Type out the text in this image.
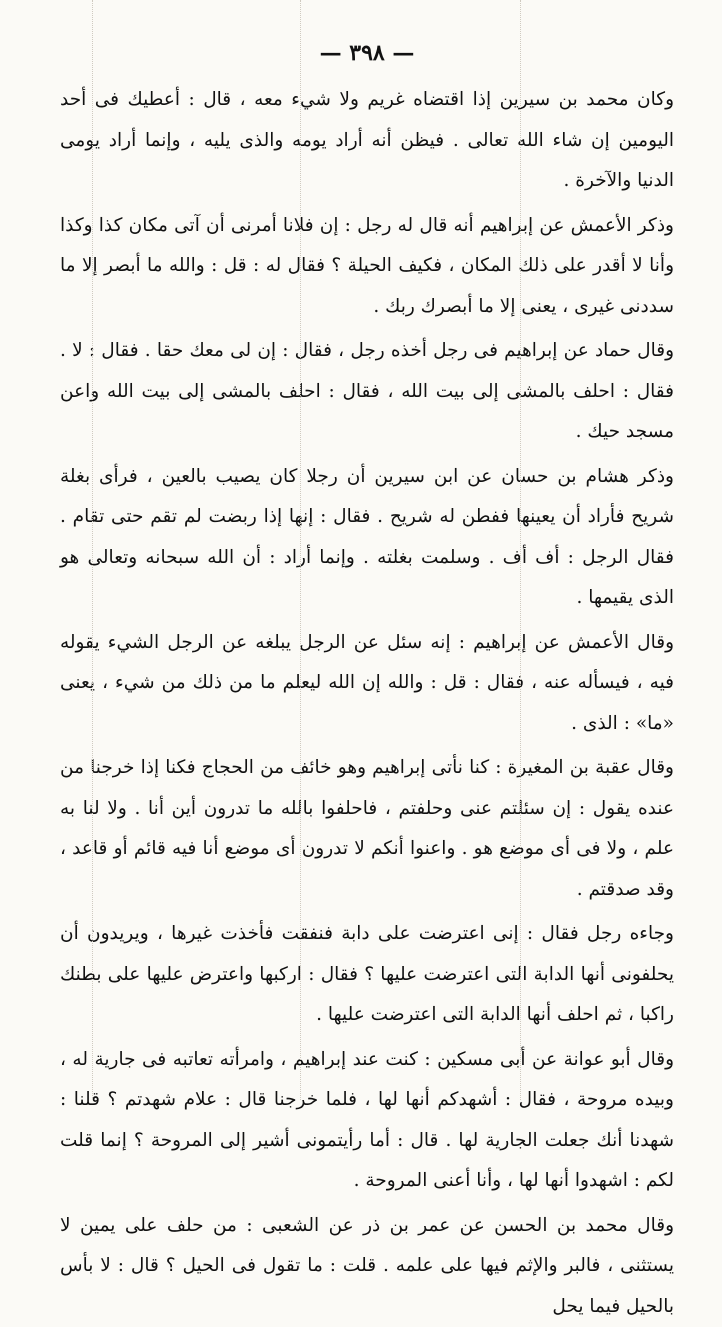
— ٣٩٨ —

وكان محمد بن سيرين إذا اقتضاه غريم ولا شيء معه ، قال : أعطيك فى أحد اليومين إن شاء الله تعالى . فيظن أنه أراد يومه والذى يليه ، وإنما أراد يومى الدنيا والآخرة .

وذكر الأعمش عن إبراهيم أنه قال له رجل : إن فلانا أمرنى أن آتى مكان كذا وكذا وأنا لا أقدر على ذلك المكان ، فكيف الحيلة ؟ فقال له : قل : والله ما أبصر إلا ما سددنى غيرى ، يعنى إلا ما أبصرك ربك .

وقال حماد عن إبراهيم فى رجل أخذه رجل ، فقال : إن لى معك حقا . فقال : لا . فقال : احلف بالمشى إلى بيت الله ، فقال : احلف بالمشى إلى بيت الله واعن مسجد حيك .

وذكر هشام بن حسان عن ابن سيرين أن رجلا كان يصيب بالعين ، فرأى بغلة شريح فأراد أن يعينها ففطن له شريح . فقال : إنها إذا ربضت لم تقم حتى تقام . فقال الرجل : أف أف . وسلمت بغلته . وإنما أراد : أن الله سبحانه وتعالى هو الذى يقيمها .

وقال الأعمش عن إبراهيم : إنه سئل عن الرجل يبلغه عن الرجل الشيء يقوله فيه ، فيسأله عنه ، فقال : قل : والله إن الله ليعلم ما من ذلك من شيء ، يعنى «ما» : الذى .

وقال عقبة بن المغيرة : كنا نأتى إبراهيم وهو خائف من الحجاج فكنا إذا خرجنا من عنده يقول : إن سئلتم عنى وحلفتم ، فاحلفوا بالله ما تدرون أين أنا . ولا لنا به علم ، ولا فى أى موضع هو . واعنوا أنكم لا تدرون أى موضع أنا فيه قائم أو قاعد ، وقد صدقتم .

وجاءه رجل فقال : إنى اعترضت على دابة فنفقت فأخذت غيرها ، ويريدون أن يحلفونى أنها الدابة التى اعترضت عليها ؟ فقال : اركبها واعترض عليها على بطنك راكبا ، ثم احلف أنها الدابة التى اعترضت عليها .

وقال أبو عوانة عن أبى مسكين : كنت عند إبراهيم ، وامرأته تعاتبه فى جارية له ، وبيده مروحة ، فقال : أشهدكم أنها لها ، فلما خرجنا قال : علام شهدتم ؟ قلنا : شهدنا أنك جعلت الجارية لها . قال : أما رأيتمونى أشير إلى المروحة ؟ إنما قلت لكم : اشهدوا أنها لها ، وأنا أعنى المروحة .

وقال محمد بن الحسن عن عمر بن ذر عن الشعبى : من حلف على يمين لا يستثنى ، فالبر والإثم فيها على علمه . قلت : ما تقول فى الحيل ؟ قال : لا بأس بالحيل فيما يحل
